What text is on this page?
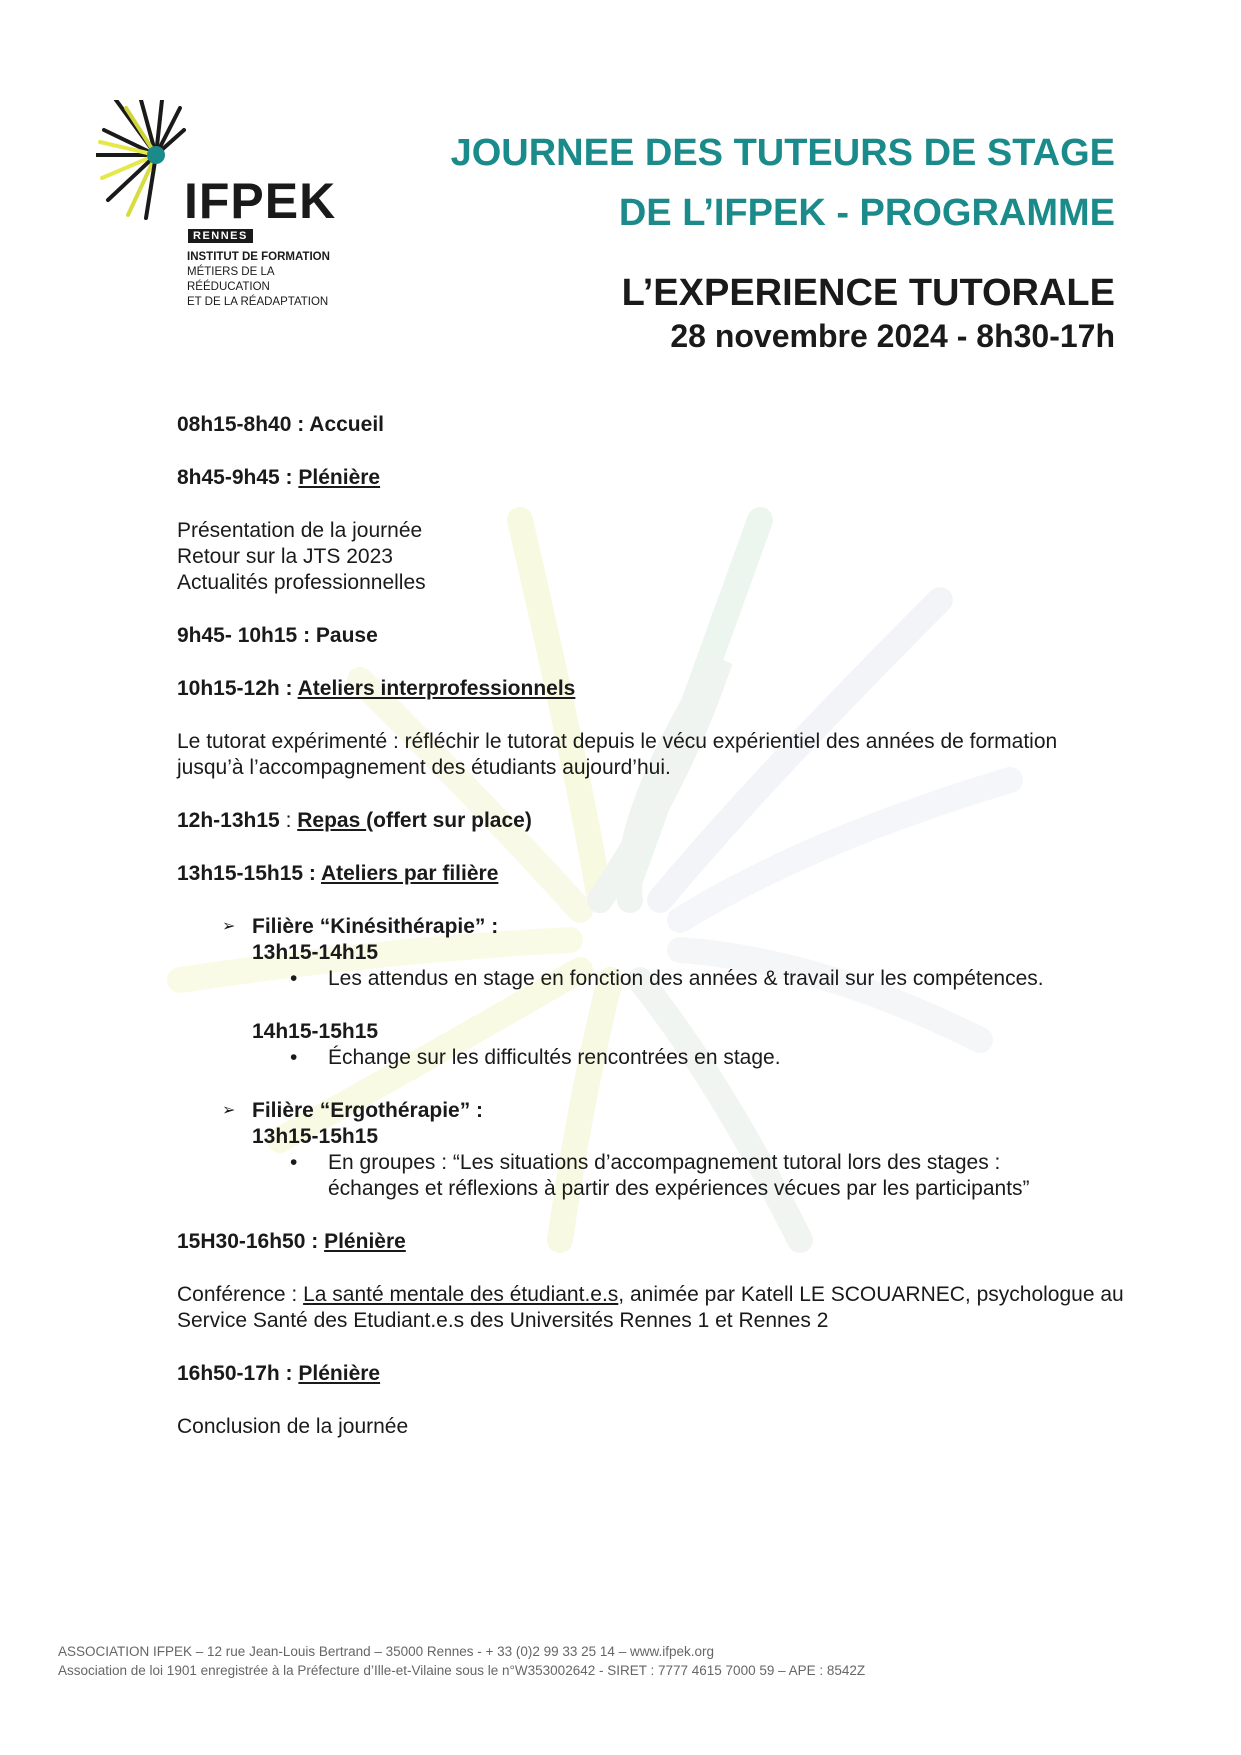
IFPEK
RENNES
INSTITUT DE FORMATION
MÉTIERS DE LA RÉÉDUCATION
ET DE LA RÉADAPTATION
JOURNEE DES TUTEURS DE STAGE
DE L’IFPEK - PROGRAMME
L’EXPERIENCE TUTORALE
28 novembre 2024 - 8h30-17h
08h15-8h40 : Accueil
8h45-9h45 : Plénière
Présentation de la journée
Retour sur la JTS 2023
Actualités professionnelles
9h45- 10h15 : Pause
10h15-12h : Ateliers interprofessionnels
Le tutorat expérimenté : réfléchir le tutorat depuis le vécu expérientiel des années de formation jusqu’à l’accompagnement des étudiants aujourd’hui.
12h-13h15 : Repas (offert sur place)
13h15-15h15 : Ateliers par filière
➢ Filière “Kinésithérapie” :
13h15-14h15
•	Les attendus en stage en fonction des années & travail sur les compétences.
14h15-15h15
•	Échange sur les difficultés rencontrées en stage.
➢ Filière “Ergothérapie” :
13h15-15h15
•	En groupes : “Les situations d’accompagnement tutoral lors des stages : échanges et réflexions à partir des expériences vécues par les participants”
15H30-16h50 : Plénière
Conférence : La santé mentale des étudiant.e.s, animée par Katell LE SCOUARNEC, psychologue au Service Santé des Etudiant.e.s des Universités Rennes 1 et Rennes 2
16h50-17h : Plénière
Conclusion de la journée
ASSOCIATION IFPEK – 12 rue Jean-Louis Bertrand – 35000 Rennes - + 33 (0)2 99 33 25 14 – www.ifpek.org
Association de loi 1901 enregistrée à la Préfecture d’Ille-et-Vilaine sous le n°W353002642 - SIRET : 7777 4615 7000 59 – APE : 8542Z
